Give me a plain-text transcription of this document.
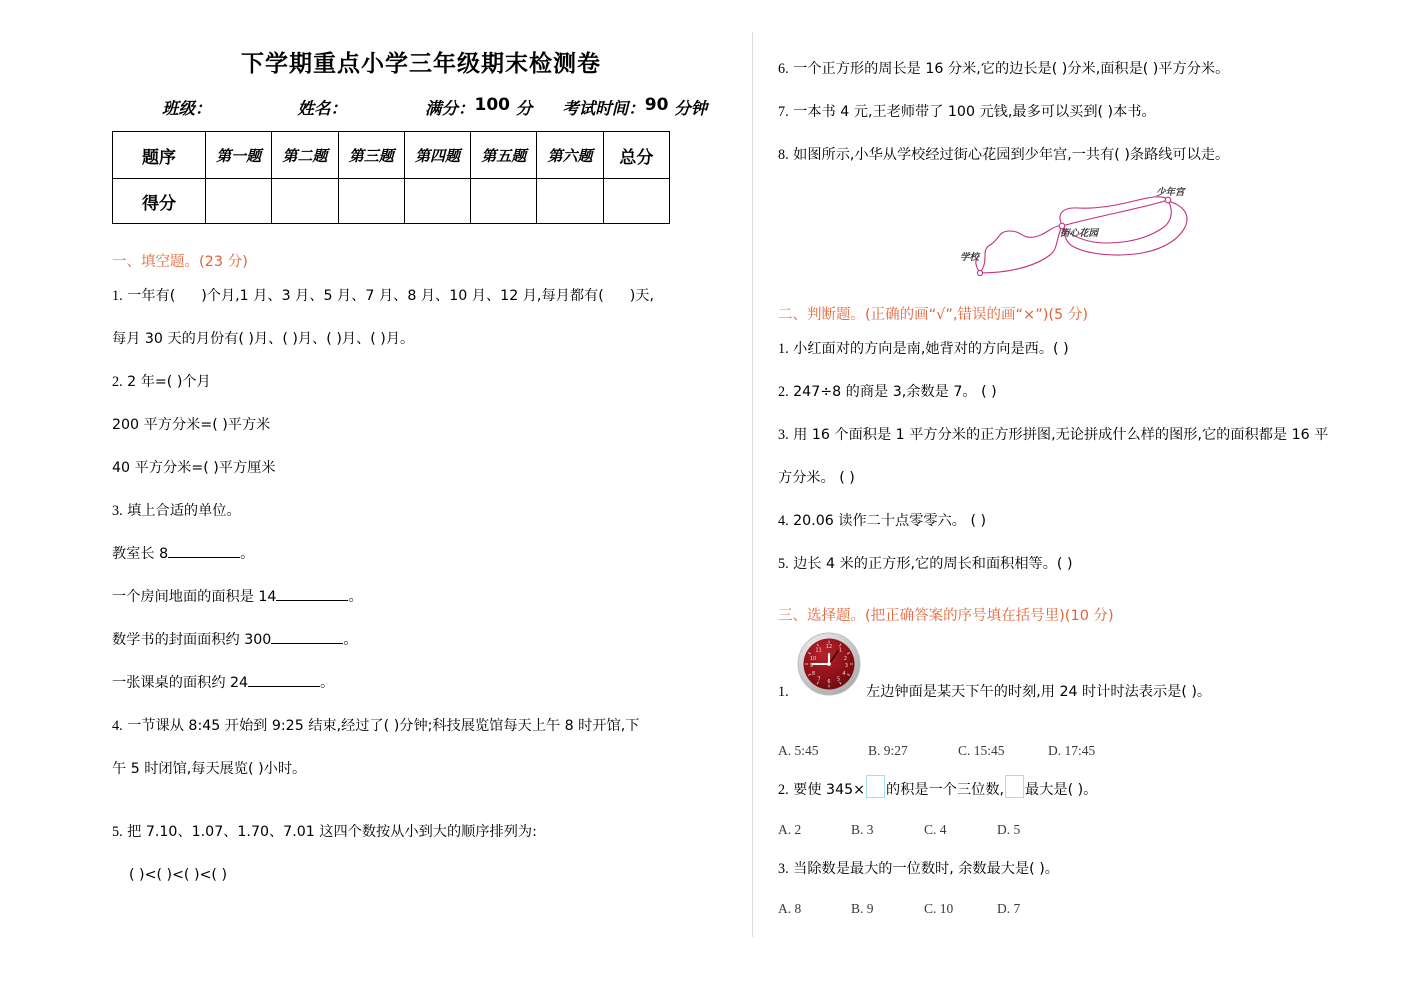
下学期重点小学三年级期末检测卷
班级：	姓名：	满分： 100
分 考试时间： 90
分钟
题序	第一题	第二题	第三题	第四题	第五题	第六题	总分
得分							
一、填空题。(23 分)
1. 一年有( )个月,1 月、3 月、5 月、7 月、8 月、10 月、12 月,每月都有( )天,
每月 30 天的月份有( )月、( )月、( )月、( )月。
2. 2 年=( )个月
200 平方分米=( )平方米
40 平方分米=( )平方厘米
3. 填上合适的单位。
教室长 8	。
一个房间地面的面积是 14	。
数学书的封面面积约 300	。
一张课桌的面积约 24	。
4. 一节课从 8:45 开始到 9:25 结束,经过了( )分钟;科技展览馆每天上午 8 时开馆,下
午 5 时闭馆,每天展览( )小时。
5. 把 7.10、1.07、1.70、7.01 这四个数按从小到大的顺序排列为:
( )<( )<( )<( )
6. 一个正方形的周长是 16 分米,它的边长是( )分米,面积是( )平方分米。
7. 一本书 4 元,王老师带了 100 元钱,最多可以买到( )本书。
8. 如图所示,小华从学校经过街心花园到少年宫,一共有( )条路线可以走。
学校
街心花园
少年宫
二、判断题。(正确的画“√”,错误的画“×”)(5 分)
1. 小红面对的方向是南,她背对的方向是西。( )
2. 247÷8 的商是 3,余数是 7。 ( )
3. 用 16 个面积是 1 平方分米的正方形拼图,无论拼成什么样的图形,它的面积都是 16 平
方分米。 ( )
4. 20.06 读作二十点零零六。 ( )
5. 边长 4 米的正方形,它的周长和面积相等。( )
三、选择题。(把正确答案的序号填在括号里)(10 分)
12
1
2
3
4
5
6
7
8
9
10
11
1.	左边钟面是某天下午的时刻,用 24 时计时法表示是( )。
A. 5:45	B. 9:27	C. 15:45	D. 17:45
2. 要使 345× 的积是一个三位数, 最大是( )。
A. 2	B. 3	C. 4	D. 5
3. 当除数是最大的一位数时, 余数最大是( )。
A. 8	B. 9	C. 10	D. 7
